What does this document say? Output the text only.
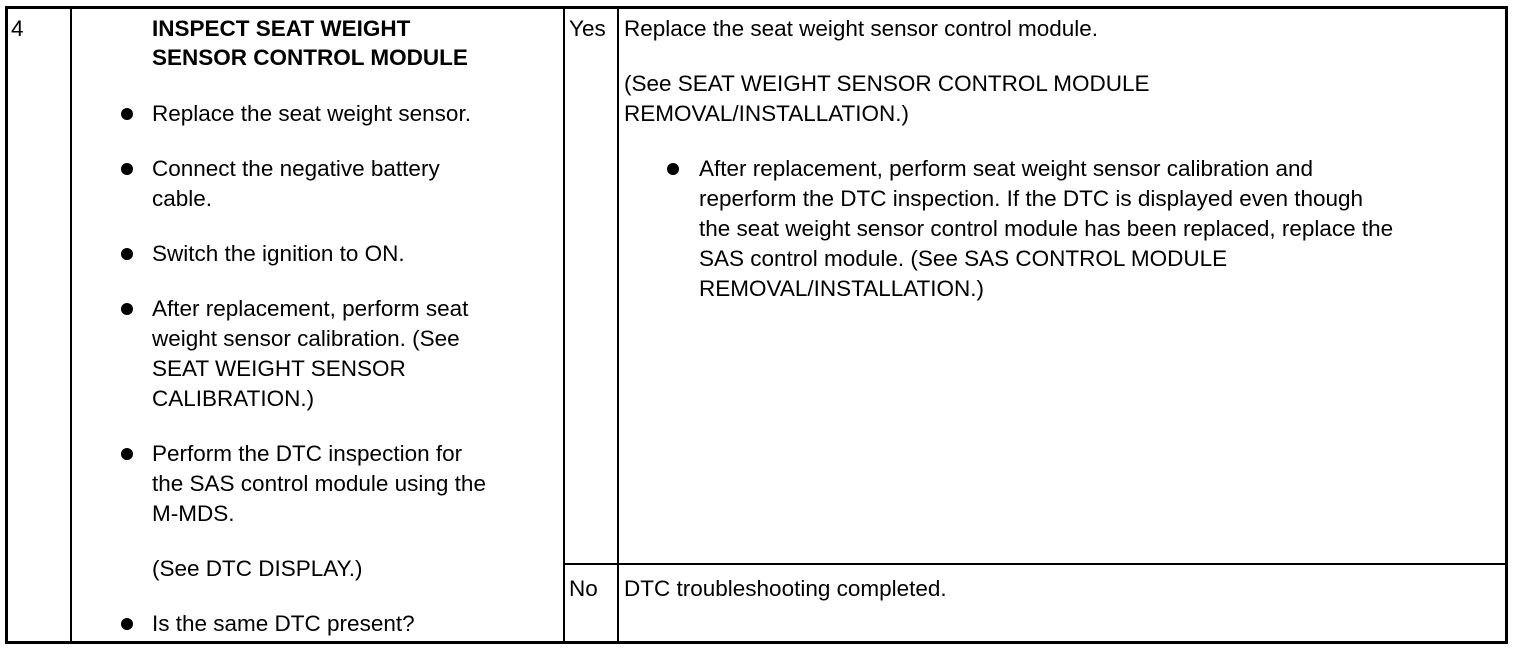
4	INSPECT SEAT WEIGHT
SENSOR CONTROL MODULE
Replace the seat weight sensor.
Connect the negative battery
cable.
Switch the ignition to ON.
After replacement, perform seat
weight sensor calibration. (See
SEAT WEIGHT SENSOR
CALIBRATION.)
Perform the DTC inspection for
the SAS control module using the
M-MDS.
(See DTC DISPLAY.)
Is the same DTC present?
Yes Replace the seat weight sensor control module.
(See SEAT WEIGHT SENSOR CONTROL MODULE
REMOVAL/INSTALLATION.)
After replacement, perform seat weight sensor calibration and
reperform the DTC inspection. If the DTC is displayed even though
the seat weight sensor control module has been replaced, replace the
SAS control module. (See SAS CONTROL MODULE
REMOVAL/INSTALLATION.)
No DTC troubleshooting completed.
